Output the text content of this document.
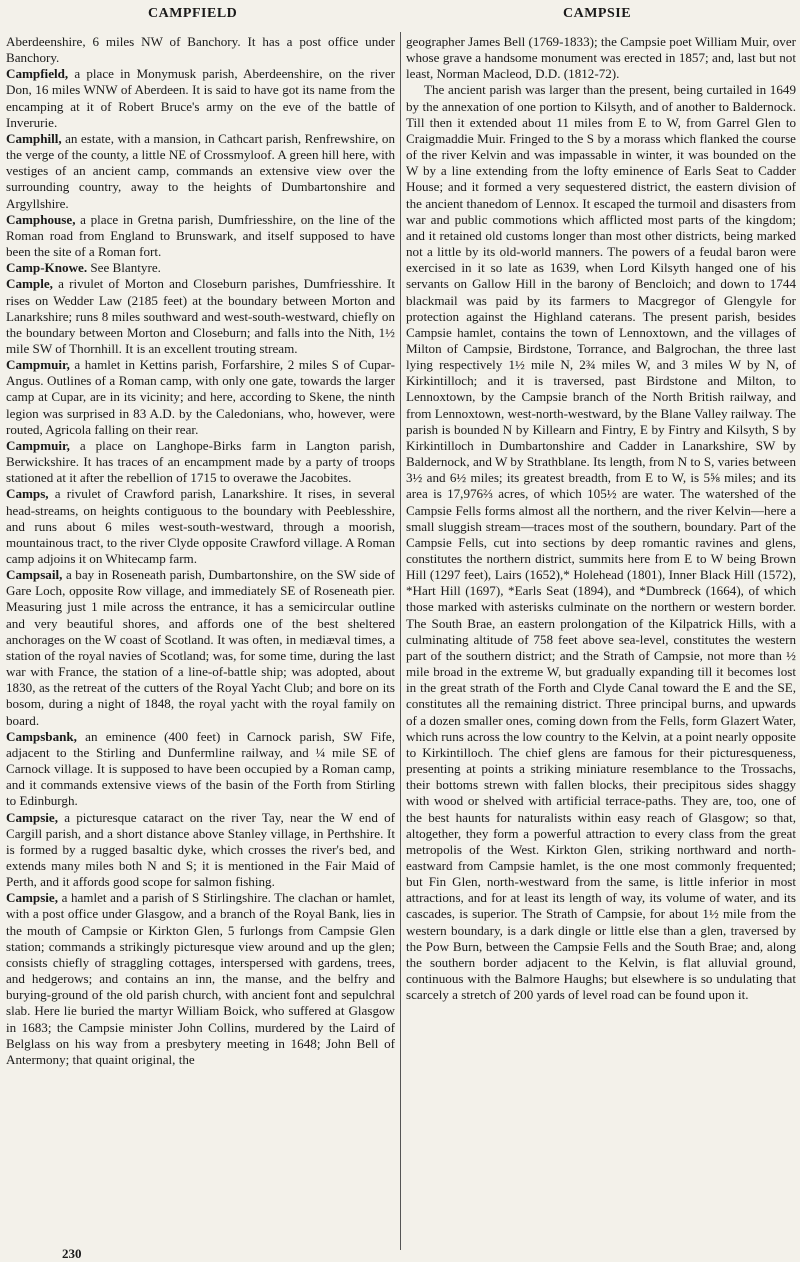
CAMPFIELD	CAMPSIE

Aberdeenshire, 6 miles NW of Banchory. It has a post office under Banchory.

Campfield, a place in Monymusk parish, Aberdeenshire, on the river Don, 16 miles WNW of Aberdeen. It is said to have got its name from the encamping at it of Robert Bruce's army on the eve of the battle of Inverurie.

Camphill, an estate, with a mansion, in Cathcart parish, Renfrewshire, on the verge of the county, a little NE of Crossmyloof. A green hill here, with vestiges of an ancient camp, commands an extensive view over the surrounding country, away to the heights of Dumbartonshire and Argyllshire.

Camphouse, a place in Gretna parish, Dumfriesshire, on the line of the Roman road from England to Brunswark, and itself supposed to have been the site of a Roman fort.

Camp-Knowe. See Blantyre.

Cample, a rivulet of Morton and Closeburn parishes, Dumfriesshire. It rises on Wedder Law (2185 feet) at the boundary between Morton and Lanarkshire; runs 8 miles southward and west-south-westward, chiefly on the boundary between Morton and Closeburn; and falls into the Nith, 1½ mile SW of Thornhill. It is an excellent trouting stream.

Campmuir, a hamlet in Kettins parish, Forfarshire, 2 miles S of Cupar-Angus. Outlines of a Roman camp, with only one gate, towards the larger camp at Cupar, are in its vicinity; and here, according to Skene, the ninth legion was surprised in 83 A.D. by the Caledonians, who, however, were routed, Agricola falling on their rear.

Campmuir, a place on Langhope-Birks farm in Langton parish, Berwickshire. It has traces of an encampment made by a party of troops stationed at it after the rebellion of 1715 to overawe the Jacobites.

Camps, a rivulet of Crawford parish, Lanarkshire. It rises, in several head-streams, on heights contiguous to the boundary with Peeblesshire, and runs about 6 miles west-south-westward, through a moorish, mountainous tract, to the river Clyde opposite Crawford village. A Roman camp adjoins it on Whitecamp farm.

Campsail, a bay in Roseneath parish, Dumbartonshire, on the SW side of Gare Loch, opposite Row village, and immediately SE of Roseneath pier. Measuring just 1 mile across the entrance, it has a semicircular outline and very beautiful shores, and affords one of the best sheltered anchorages on the W coast of Scotland. It was often, in mediæval times, a station of the royal navies of Scotland; was, for some time, during the last war with France, the station of a line-of-battle ship; was adopted, about 1830, as the retreat of the cutters of the Royal Yacht Club; and bore on its bosom, during a night of 1848, the royal yacht with the royal family on board.

Campsbank, an eminence (400 feet) in Carnock parish, SW Fife, adjacent to the Stirling and Dunfermline railway, and ¼ mile SE of Carnock village. It is supposed to have been occupied by a Roman camp, and it commands extensive views of the basin of the Forth from Stirling to Edinburgh.

Campsie, a picturesque cataract on the river Tay, near the W end of Cargill parish, and a short distance above Stanley village, in Perthshire. It is formed by a rugged basaltic dyke, which crosses the river's bed, and extends many miles both N and S; it is mentioned in the Fair Maid of Perth, and it affords good scope for salmon fishing.

Campsie, a hamlet and a parish of S Stirlingshire. The clachan or hamlet, with a post office under Glasgow, and a branch of the Royal Bank, lies in the mouth of Campsie or Kirkton Glen, 5 furlongs from Campsie Glen station; commands a strikingly picturesque view around and up the glen; consists chiefly of straggling cottages, interspersed with gardens, trees, and hedgerows; and contains an inn, the manse, and the belfry and burying-ground of the old parish church, with ancient font and sepulchral slab. Here lie buried the martyr William Boick, who suffered at Glasgow in 1683; the Campsie minister John Collins, murdered by the Laird of Belglass on his way from a presbytery meeting in 1648; John Bell of Antermony; that quaint original, the

geographer James Bell (1769-1833); the Campsie poet William Muir, over whose grave a handsome monument was erected in 1857; and, last but not least, Norman Macleod, D.D. (1812-72).

The ancient parish was larger than the present, being curtailed in 1649 by the annexation of one portion to Kilsyth, and of another to Baldernock. Till then it extended about 11 miles from E to W, from Garrel Glen to Craigmaddie Muir. Fringed to the S by a morass which flanked the course of the river Kelvin and was impassable in winter, it was bounded on the W by a line extending from the lofty eminence of Earls Seat to Cadder House; and it formed a very sequestered district, the eastern division of the ancient thanedom of Lennox. It escaped the turmoil and disasters from war and public commotions which afflicted most parts of the kingdom; and it retained old customs longer than most other districts, being marked not a little by its old-world manners. The powers of a feudal baron were exercised in it so late as 1639, when Lord Kilsyth hanged one of his servants on Gallow Hill in the barony of Bencloich; and down to 1744 blackmail was paid by its farmers to Macgregor of Glengyle for protection against the Highland caterans. The present parish, besides Campsie hamlet, contains the town of Lennoxtown, and the villages of Milton of Campsie, Birdstone, Torrance, and Balgrochan, the three last lying respectively 1½ mile N, 2¾ miles W, and 3 miles W by N, of Kirkintilloch; and it is traversed, past Birdstone and Milton, to Lennoxtown, by the Campsie branch of the North British railway, and from Lennoxtown, west-north-westward, by the Blane Valley railway. The parish is bounded N by Killearn and Fintry, E by Fintry and Kilsyth, S by Kirkintilloch in Dumbartonshire and Cadder in Lanarkshire, SW by Baldernock, and W by Strathblane. Its length, from N to S, varies between 3½ and 6½ miles; its greatest breadth, from E to W, is 5⅝ miles; and its area is 17,976⅔ acres, of which 105½ are water. The watershed of the Campsie Fells forms almost all the northern, and the river Kelvin—here a small sluggish stream—traces most of the southern, boundary. Part of the Campsie Fells, cut into sections by deep romantic ravines and glens, constitutes the northern district, summits here from E to W being Brown Hill (1297 feet), Lairs (1652),* Holehead (1801), Inner Black Hill (1572), *Hart Hill (1697), *Earls Seat (1894), and *Dumbreck (1664), of which those marked with asterisks culminate on the northern or western border. The South Brae, an eastern prolongation of the Kilpatrick Hills, with a culminating altitude of 758 feet above sea-level, constitutes the western part of the southern district; and the Strath of Campsie, not more than ½ mile broad in the extreme W, but gradually expanding till it becomes lost in the great strath of the Forth and Clyde Canal toward the E and the SE, constitutes all the remaining district. Three principal burns, and upwards of a dozen smaller ones, coming down from the Fells, form Glazert Water, which runs across the low country to the Kelvin, at a point nearly opposite to Kirkintilloch. The chief glens are famous for their picturesqueness, presenting at points a striking miniature resemblance to the Trossachs, their bottoms strewn with fallen blocks, their precipitous sides shaggy with wood or shelved with artificial terrace-paths. They are, too, one of the best haunts for naturalists within easy reach of Glasgow; so that, altogether, they form a powerful attraction to every class from the great metropolis of the West. Kirkton Glen, striking northward and north-eastward from Campsie hamlet, is the one most commonly frequented; but Fin Glen, north-westward from the same, is little inferior in most attractions, and for at least its length of way, its volume of water, and its cascades, is superior. The Strath of Campsie, for about 1½ mile from the western boundary, is a dark dingle or little else than a glen, traversed by the Pow Burn, between the Campsie Fells and the South Brae; and, along the southern border adjacent to the Kelvin, is flat alluvial ground, continuous with the Balmore Haughs; but elsewhere is so undulating that scarcely a stretch of 200 yards of level road can be found upon it.

230
